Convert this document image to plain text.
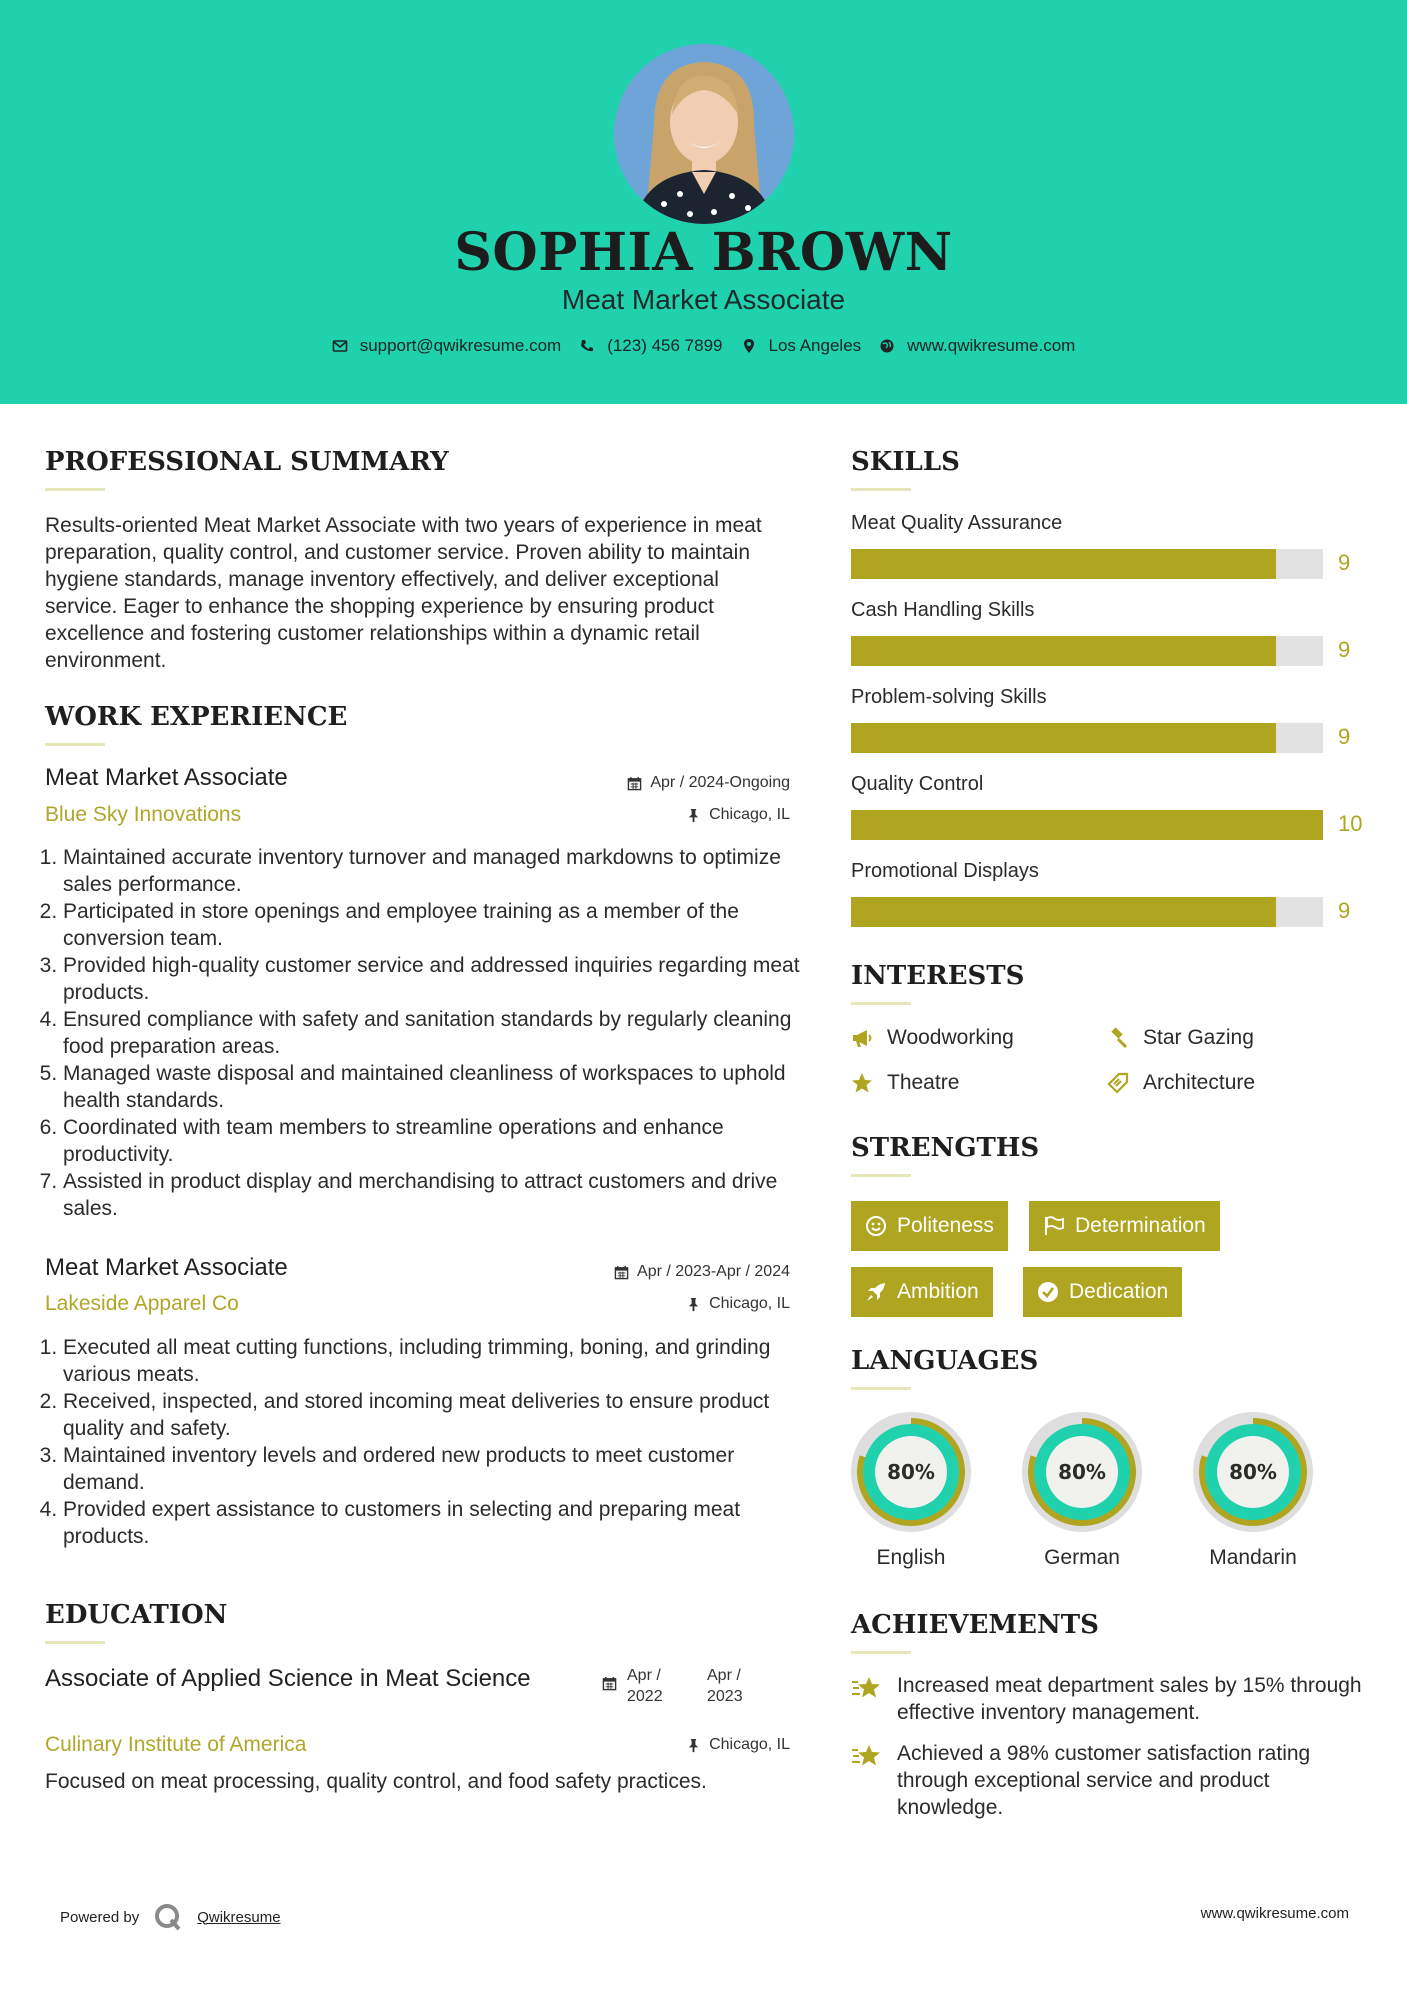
SOPHIA BROWN
Meat Market Associate
support@qwikresume.com	(123) 456 7899	Los Angeles	www.qwikresume.com
PROFESSIONAL SUMMARY
Results-oriented Meat Market Associate with two years of experience in meat preparation, quality control, and customer service. Proven ability to maintain hygiene standards, manage inventory effectively, and deliver exceptional service. Eager to enhance the shopping experience by ensuring product excellence and fostering customer relationships within a dynamic retail environment.
WORK EXPERIENCE
Meat Market Associate	Apr / 2024-Ongoing
Blue Sky Innovations	Chicago, IL
1. Maintained accurate inventory turnover and managed markdowns to optimize sales performance.
2. Participated in store openings and employee training as a member of the conversion team.
3. Provided high-quality customer service and addressed inquiries regarding meat products.
4. Ensured compliance with safety and sanitation standards by regularly cleaning food preparation areas.
5. Managed waste disposal and maintained cleanliness of workspaces to uphold health standards.
6. Coordinated with team members to streamline operations and enhance productivity.
7. Assisted in product display and merchandising to attract customers and drive sales.
Meat Market Associate	Apr / 2023-Apr / 2024
Lakeside Apparel Co	Chicago, IL
1. Executed all meat cutting functions, including trimming, boning, and grinding various meats.
2. Received, inspected, and stored incoming meat deliveries to ensure product quality and safety.
3. Maintained inventory levels and ordered new products to meet customer demand.
4. Provided expert assistance to customers in selecting and preparing meat products.
EDUCATION
Associate of Applied Science in Meat Science	Apr / 2022
Apr / 2023
Culinary Institute of America	Chicago, IL
Focused on meat processing, quality control, and food safety practices.
SKILLS
Meat Quality Assurance
9
Cash Handling Skills
9
Problem-solving Skills
9
Quality Control
10
Promotional Displays
9
INTERESTS
Woodworking	Star Gazing
Theatre	Architecture
STRENGTHS
Politeness	Determination
Ambition	Dedication
LANGUAGES
80%
English
80%
German
80%
Mandarin
ACHIEVEMENTS
Increased meat department sales by 15% through effective inventory management.
Achieved a 98% customer satisfaction rating through exceptional service and product knowledge.
Powered by	Qwikresume	www.qwikresume.com
